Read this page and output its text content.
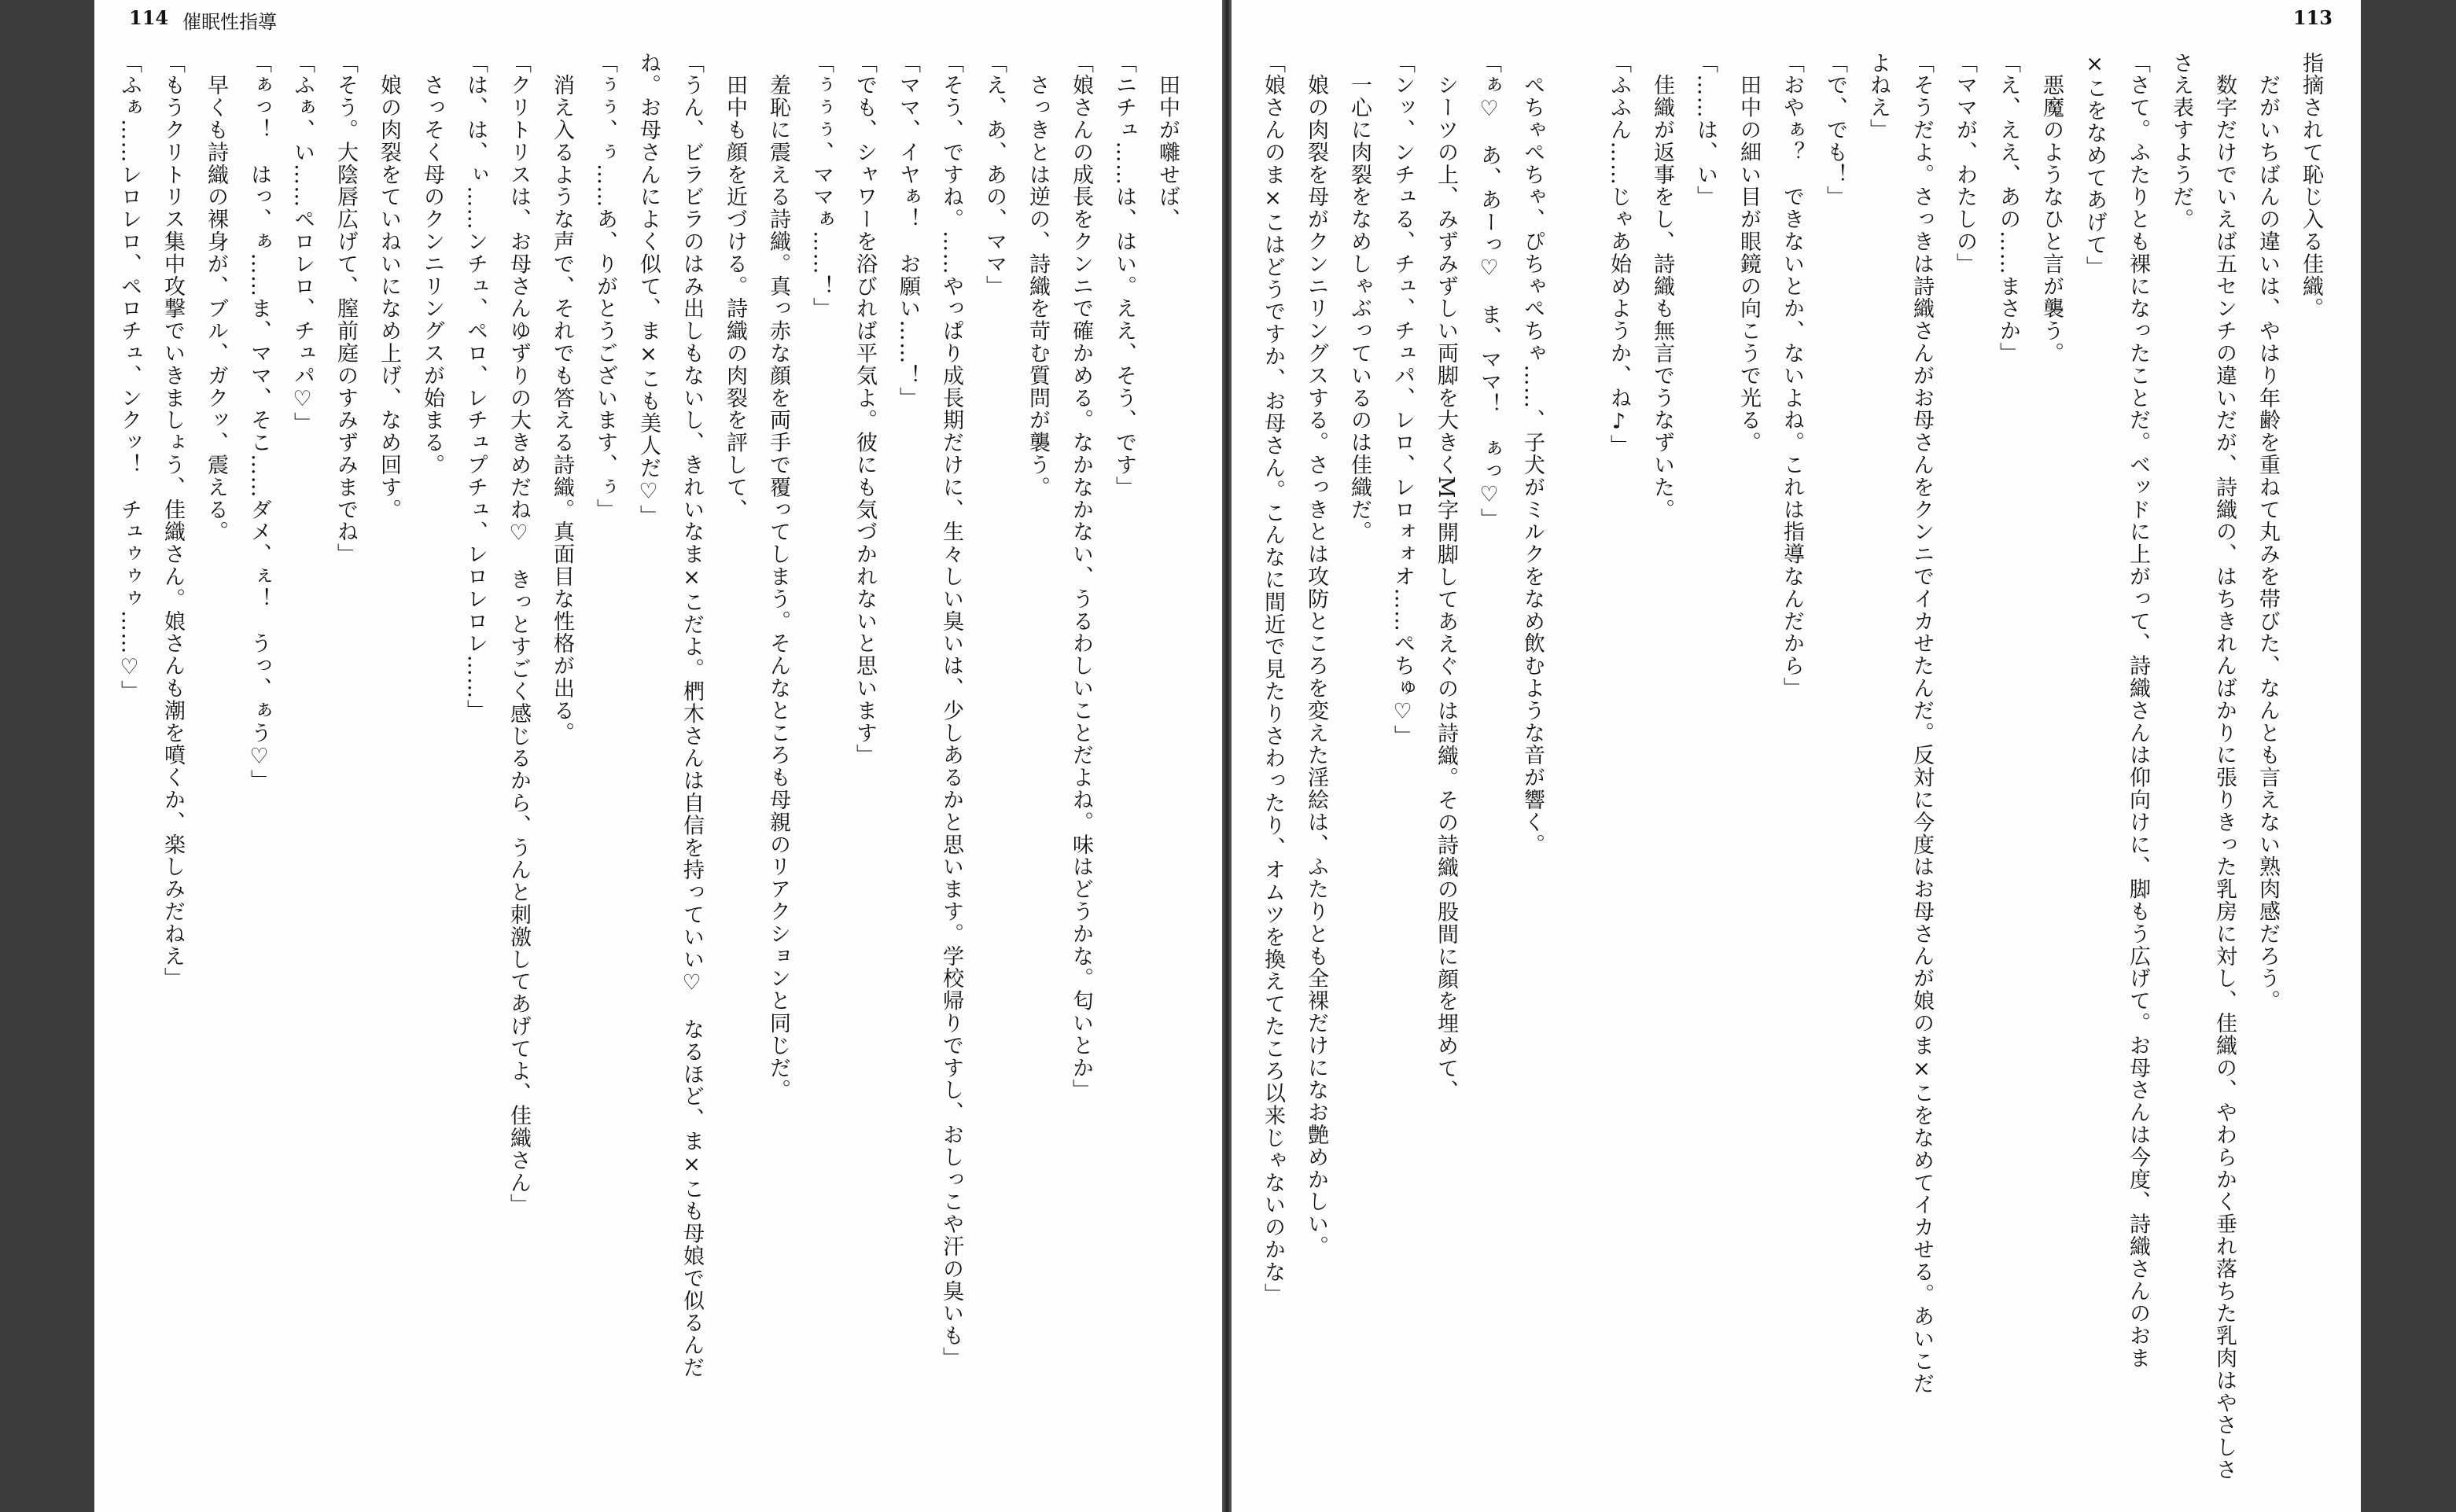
114 催眠性指導
　田中が囃せば、
「ニチュ……は、はい。ええ、そう、です」
「娘さんの成長をクンニで確かめる。なかなかない、うるわしいことだよね。味はどうかな。匂いとか」
　さっきとは逆の、詩織を苛む質問が襲う。
「え、あ、あの、ママ」
「そう、ですね。……やっぱり成長期だけに、生々しい臭いは、少しあるかと思います。学校帰りですし、おしっこや汗の臭いも」
「ママ、イヤぁ！　お願い……！」
「でも、シャワーを浴びれば平気よ。彼にも気づかれないと思います」
「ぅぅぅ、ママぁ……！」
　羞恥に震える詩織。真っ赤な顔を両手で覆ってしまう。そんなところも母親のリアクションと同じだ。
　田中も顔を近づける。詩織の肉裂を評して、
「うん、ビラビラのはみ出しもないし、きれいなま×こだよ。椚木さんは自信を持っていい♡　なるほど、ま×こも母娘で似るんだ
ね。お母さんによく似て、ま×こも美人だ♡」
「ぅぅ、ぅ……あ、りがとうございます、ぅ」
　消え入るような声で、それでも答える詩織。真面目な性格が出る。
「クリトリスは、お母さんゆずりの大きめだね♡　きっとすごく感じるから、うんと刺激してあげてよ、佳織さん」
「は、は、ぃ……ンチュ、ペロ、レチュプチュ、レロレロレ……」
　さっそく母のクンニリングスが始まる。
　娘の肉裂をていねいになめ上げ、なめ回す。
「そう。大陰唇広げて、膣前庭のすみずみまでね」
「ふぁ、い……ペロレロ、チュパ♡」
「ぁっ！　はっ、ぁ……ま、ママ、そこ……ダメ、ぇ！　うっ、ぁう♡」
　早くも詩織の裸身が、ブル、ガクッ、震える。
「もうクリトリス集中攻撃でいきましょう、佳織さん。娘さんも潮を噴くか、楽しみだねえ」
「ふぁ……レロレロ、ペロチュ、ンクッ！　チュゥゥゥ……♡」
113
指摘されて恥じ入る佳織。
　だがいちばんの違いは、やはり年齢を重ねて丸みを帯びた、なんとも言えない熟肉感だろう。
　数字だけでいえば五センチの違いだが、詩織の、はちきれんばかりに張りきった乳房に対し、佳織の、やわらかく垂れ落ちた乳肉はやさしさ
さえ表すようだ。
「さて。ふたりとも裸になったことだ。ベッドに上がって、詩織さんは仰向けに、脚もう広げて。お母さんは今度、詩織さんのおま
×こをなめてあげて」
　悪魔のようなひと言が襲う。
「え、ええ、あの……まさか」
「ママが、わたしの」
「そうだよ。さっきは詩織さんがお母さんをクンニでイカせたんだ。反対に今度はお母さんが娘のま×こをなめてイカせる。あいこだ
よねえ」
「で、でも！」
「おやぁ？　できないとか、ないよね。これは指導なんだから」
　田中の細い目が眼鏡の向こうで光る。
「……は、い」
　佳織が返事をし、詩織も無言でうなずいた。
「ふふん……じゃあ始めようか、ね♪」

　ぺちゃぺちゃ、ぴちゃぺちゃ……、子犬がミルクをなめ飲むような音が響く。
「ぁ♡　あ、あーっ♡　ま、ママ！　ぁっ♡」
　シーツの上、みずみずしい両脚を大きくM字開脚してあえぐのは詩織。その詩織の股間に顔を埋めて、
「ンッ、ンチュる、チュ、チュパ、レロ、レロォォオ……ぺちゅ♡」
　一心に肉裂をなめしゃぶっているのは佳織だ。
　娘の肉裂を母がクンニリングスする。さっきとは攻防ところを変えた淫絵は、ふたりとも全裸だけになお艶めかしい。
「娘さんのま×こはどうですか、お母さん。こんなに間近で見たりさわったり、オムツを換えてたころ以来じゃないのかな」
